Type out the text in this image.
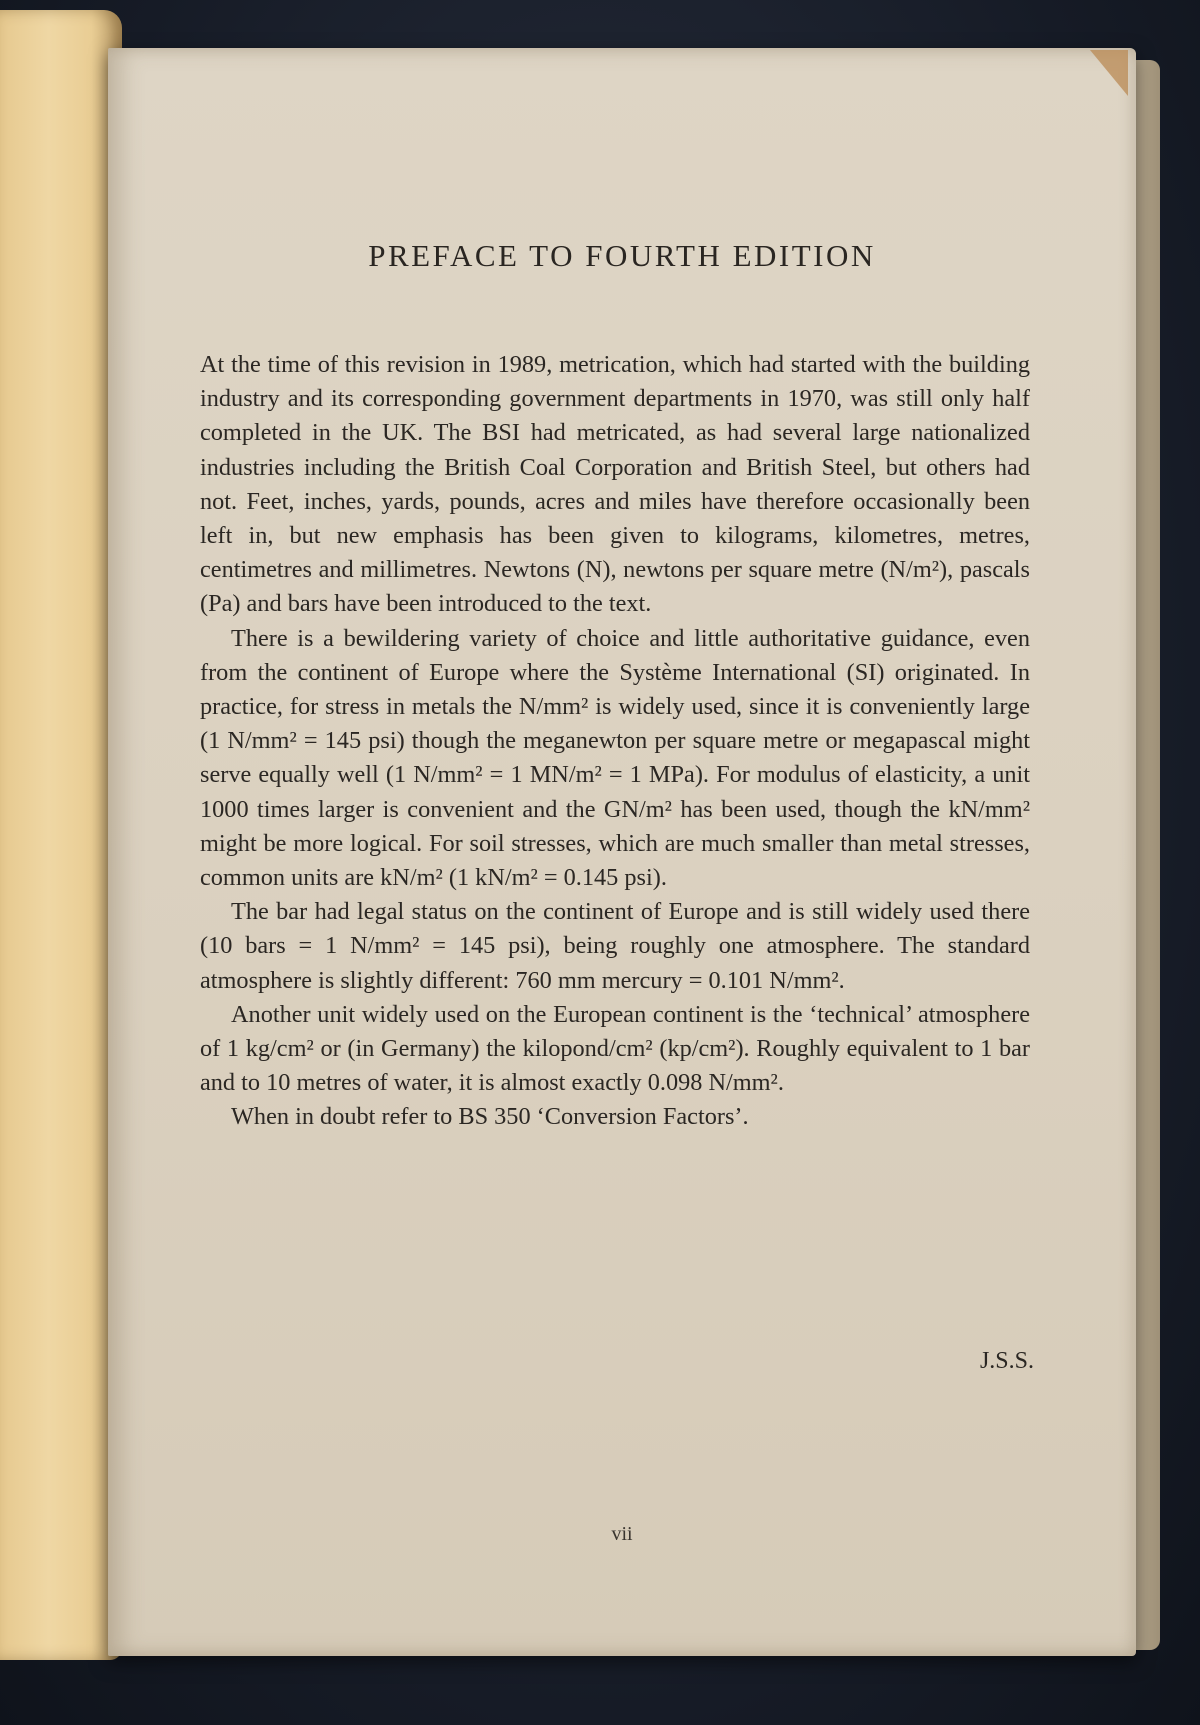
PREFACE TO FOURTH EDITION

At the time of this revision in 1989, metrication, which had started with the building industry and its corresponding government departments in 1970, was still only half completed in the UK. The BSI had metricated, as had several large nationalized industries including the British Coal Corporation and British Steel, but others had not. Feet, inches, yards, pounds, acres and miles have therefore occasionally been left in, but new emphasis has been given to kilograms, kilometres, metres, centimetres and millimetres. Newtons (N), newtons per square metre (N/m²), pascals (Pa) and bars have been introduced to the text.

There is a bewildering variety of choice and little authoritative guidance, even from the continent of Europe where the Système International (SI) originated. In practice, for stress in metals the N/mm² is widely used, since it is conveniently large (1 N/mm² = 145 psi) though the meganewton per square metre or megapascal might serve equally well (1 N/mm² = 1 MN/m² = 1 MPa). For modulus of elasticity, a unit 1000 times larger is convenient and the GN/m² has been used, though the kN/mm² might be more logical. For soil stresses, which are much smaller than metal stresses, common units are kN/m² (1 kN/m² = 0.145 psi).

The bar had legal status on the continent of Europe and is still widely used there (10 bars = 1 N/mm² = 145 psi), being roughly one atmosphere. The standard atmosphere is slightly different: 760 mm mercury = 0.101 N/mm².

Another unit widely used on the European continent is the ‘technical’ atmosphere of 1 kg/cm² or (in Germany) the kilopond/cm² (kp/cm²). Roughly equivalent to 1 bar and to 10 metres of water, it is almost exactly 0.098 N/mm².

When in doubt refer to BS 350 ‘Conversion Factors’.

J.S.S.
vii
